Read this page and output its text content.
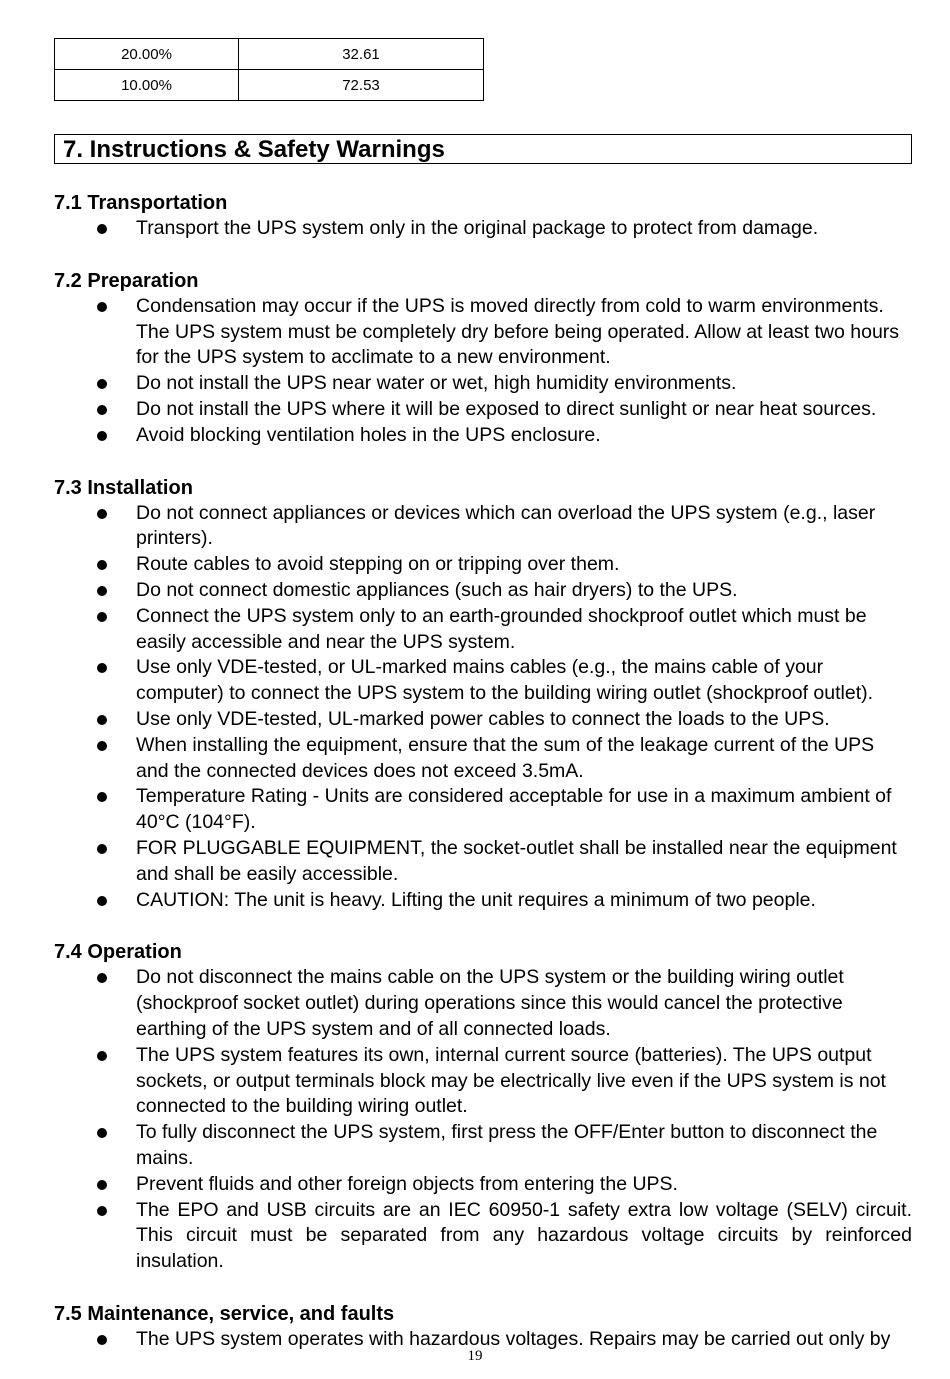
20.00%	32.61
10.00%	72.53
7. Instructions & Safety Warnings
7.1 Transportation
Transport the UPS system only in the original package to protect from damage.
7.2 Preparation
Condensation may occur if the UPS is moved directly from cold to warm environments. The UPS system must be completely dry before being operated. Allow at least two hours for the UPS system to acclimate to a new environment.
Do not install the UPS near water or wet, high humidity environments.
Do not install the UPS where it will be exposed to direct sunlight or near heat sources.
Avoid blocking ventilation holes in the UPS enclosure.
7.3 Installation
Do not connect appliances or devices which can overload the UPS system (e.g., laser printers).
Route cables to avoid stepping on or tripping over them.
Do not connect domestic appliances (such as hair dryers) to the UPS.
Connect the UPS system only to an earth-grounded shockproof outlet which must be easily accessible and near the UPS system.
Use only VDE-tested, or UL-marked mains cables (e.g., the mains cable of your computer) to connect the UPS system to the building wiring outlet (shockproof outlet).
Use only VDE-tested, UL-marked power cables to connect the loads to the UPS.
When installing the equipment, ensure that the sum of the leakage current of the UPS and the connected devices does not exceed 3.5mA.
Temperature Rating - Units are considered acceptable for use in a maximum ambient of 40°C (104°F).
FOR PLUGGABLE EQUIPMENT, the socket-outlet shall be installed near the equipment and shall be easily accessible.
CAUTION: The unit is heavy. Lifting the unit requires a minimum of two people.
7.4 Operation
Do not disconnect the mains cable on the UPS system or the building wiring outlet (shockproof socket outlet) during operations since this would cancel the protective earthing of the UPS system and of all connected loads.
The UPS system features its own, internal current source (batteries). The UPS output sockets, or output terminals block may be electrically live even if the UPS system is not connected to the building wiring outlet.
To fully disconnect the UPS system, first press the OFF/Enter button to disconnect the mains.
Prevent fluids and other foreign objects from entering the UPS.
The EPO and USB circuits are an IEC 60950-1 safety extra low voltage (SELV) circuit. This circuit must be separated from any hazardous voltage circuits by reinforced insulation.
7.5 Maintenance, service, and faults
The UPS system operates with hazardous voltages. Repairs may be carried out only by
19
